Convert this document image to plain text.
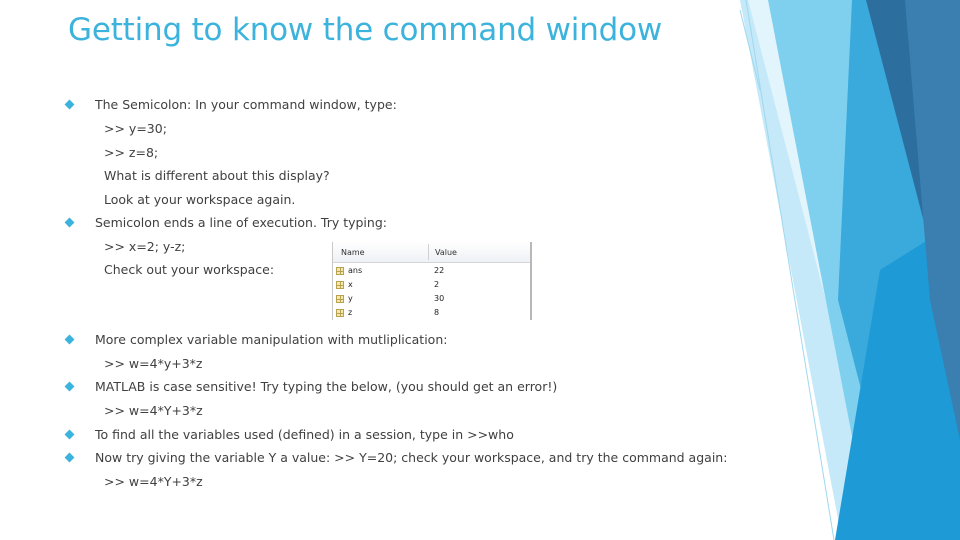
Getting to know the command window
The Semicolon: In your command window, type:
>> y=30;
>> z=8;
What is different about this display?
Look at your workspace again.
Semicolon ends a line of execution. Try typing:
>> x=2; y-z;
Check out your workspace:
Name	Value
ans	22
x	2
y	30
z	8
More complex variable manipulation with mutliplication:
>> w=4*y+3*z
MATLAB is case sensitive! Try typing the below, (you should get an error!)
>> w=4*Y+3*z
To find all the variables used (defined) in a session, type in >>who
Now try giving the variable Y a value: >> Y=20; check your workspace, and try the command again:
>> w=4*Y+3*z
